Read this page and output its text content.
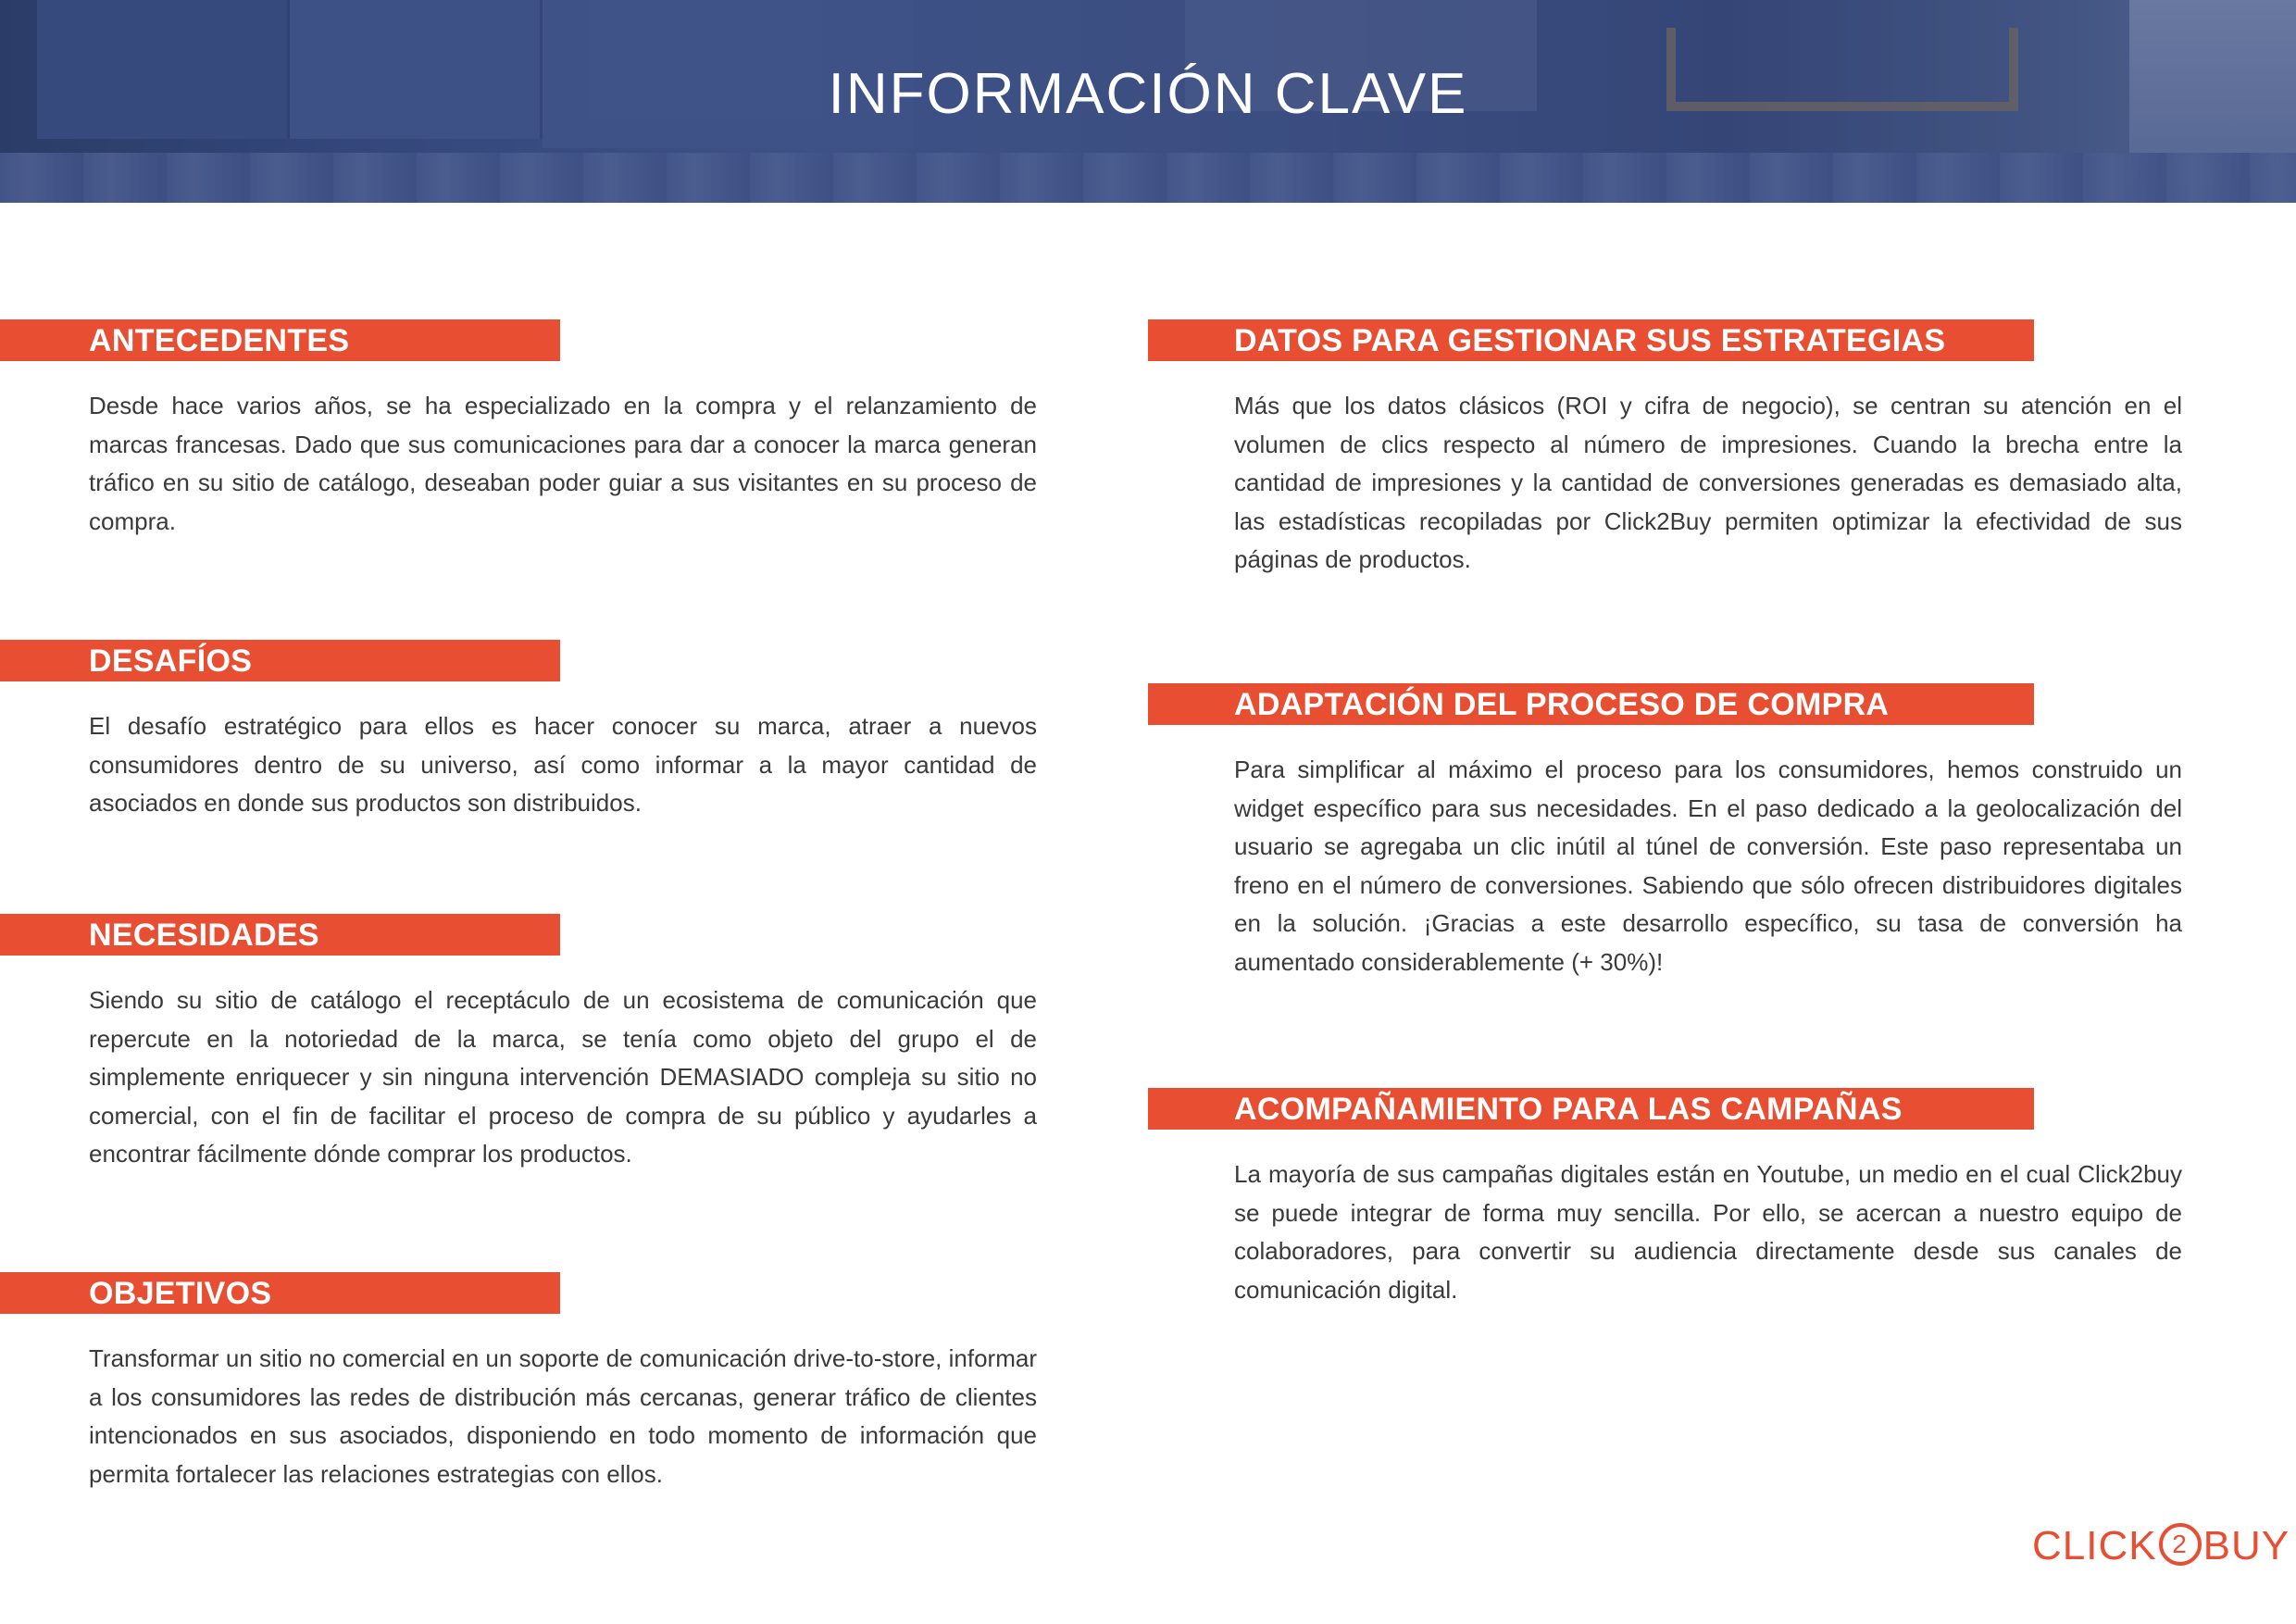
INFORMACIÓN CLAVE
ANTECEDENTES
Desde hace varios años, se ha especializado en la compra y el relanzamiento de marcas francesas. Dado que sus comunicaciones para dar a conocer la marca generan tráfico en su sitio de catálogo, deseaban poder guiar a sus visitantes en su proceso de compra.
DESAFÍOS
El desafío estratégico para ellos es hacer conocer su marca, atraer a nuevos consumidores dentro de su universo, así como informar a la mayor cantidad de asociados en donde sus productos son distribuidos.
NECESIDADES
Siendo su sitio de catálogo el receptáculo de un ecosistema de comunicación que repercute en la notoriedad de la marca, se tenía como objeto del grupo el de simplemente enriquecer y sin ninguna intervención DEMASIADO compleja su sitio no comercial, con el fin de facilitar el proceso de compra de su público y ayudarles a encontrar fácilmente dónde comprar los productos.
OBJETIVOS
Transformar un sitio no comercial en un soporte de comunicación drive-to-store, informar a los consumidores las redes de distribución más cercanas, generar tráfico de clientes intencionados en sus asociados, disponiendo en todo momento de información que permita fortalecer las relaciones estrategias con ellos.
DATOS PARA GESTIONAR SUS ESTRATEGIAS
Más que los datos clásicos (ROI y cifra de negocio), se centran su atención en el volumen de clics respecto al número de impresiones. Cuando la brecha entre la cantidad de impresiones y la cantidad de conversiones generadas es demasiado alta, las estadísticas recopiladas por Click2Buy permiten optimizar la efectividad de sus páginas de productos.
ADAPTACIÓN DEL PROCESO DE COMPRA
Para simplificar al máximo el proceso para los consumidores, hemos construido un widget específico para sus necesidades. En el paso dedicado a la geolocalización del usuario se agregaba un clic inútil al túnel de conversión. Este paso representaba un freno en el número de conversiones. Sabiendo que sólo ofrecen distribuidores digitales en la solución. ¡Gracias a este desarrollo específico, su tasa de conversión ha aumentado considerablemente (+ 30%)!
ACOMPAÑAMIENTO PARA LAS CAMPAÑAS
La mayoría de sus campañas digitales están en Youtube, un medio en el cual Click2buy se puede integrar de forma muy sencilla. Por ello, se acercan a nuestro equipo de colaboradores, para convertir su audiencia directamente desde sus canales de comunicación digital.
CLICK 2 BUY
